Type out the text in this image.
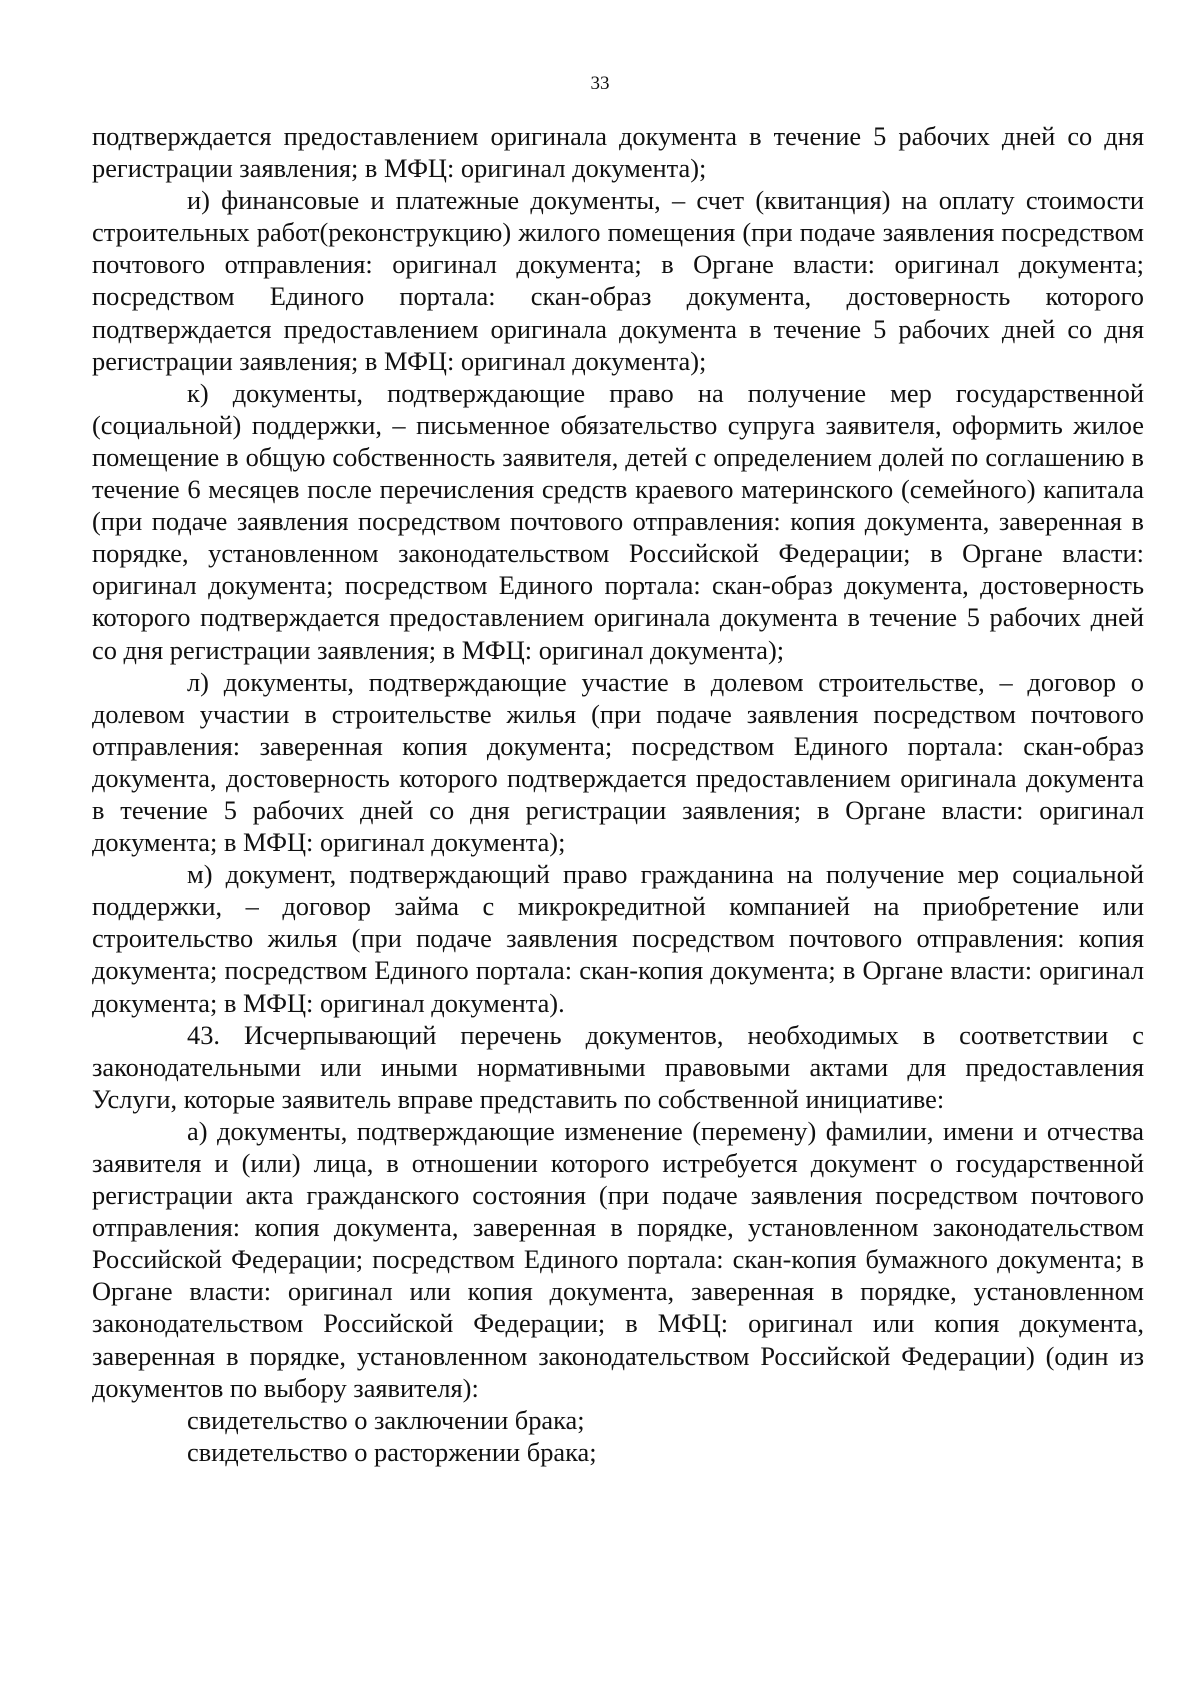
33

подтверждается предоставлением оригинала документа в течение 5 рабочих дней со дня регистрации заявления; в МФЦ: оригинал документа);

и) финансовые и платежные документы, – счет (квитанция) на оплату стоимости строительных работ(реконструкцию) жилого помещения (при подаче заявления посредством почтового отправления: оригинал документа; в Органе власти: оригинал документа; посредством Единого портала: скан-образ документа, достоверность которого подтверждается предоставлением оригинала документа в течение 5 рабочих дней со дня регистрации заявления; в МФЦ: оригинал документа);

к) документы, подтверждающие право на получение мер государственной (социальной) поддержки, – письменное обязательство супруга заявителя, оформить жилое помещение в общую собственность заявителя, детей с определением долей по соглашению в течение 6 месяцев после перечисления средств краевого материнского (семейного) капитала (при подаче заявления посредством почтового отправления: копия документа, заверенная в порядке, установленном законодательством Российской Федерации; в Органе власти: оригинал документа; посредством Единого портала: скан-образ документа, достоверность которого подтверждается предоставлением оригинала документа в течение 5 рабочих дней со дня регистрации заявления; в МФЦ: оригинал документа);

л) документы, подтверждающие участие в долевом строительстве, – договор о долевом участии в строительстве жилья (при подаче заявления посредством почтового отправления: заверенная копия документа; посредством Единого портала: скан-образ документа, достоверность которого подтверждается предоставлением оригинала документа в течение 5 рабочих дней со дня регистрации заявления; в Органе власти: оригинал документа; в МФЦ: оригинал документа);

м) документ, подтверждающий право гражданина на получение мер социальной поддержки, – договор займа с микрокредитной компанией на приобретение или строительство жилья (при подаче заявления посредством почтового отправления: копия документа; посредством Единого портала: скан-копия документа; в Органе власти: оригинал документа; в МФЦ: оригинал документа).

43. Исчерпывающий перечень документов, необходимых в соответствии с законодательными или иными нормативными правовыми актами для предоставления Услуги, которые заявитель вправе представить по собственной инициативе:

а) документы, подтверждающие изменение (перемену) фамилии, имени и отчества заявителя и (или) лица, в отношении которого истребуется документ о государственной регистрации акта гражданского состояния (при подаче заявления посредством почтового отправления: копия документа, заверенная в порядке, установленном законодательством Российской Федерации; посредством Единого портала: скан-копия бумажного документа; в Органе власти: оригинал или копия документа, заверенная в порядке, установленном законодательством Российской Федерации; в МФЦ: оригинал или копия документа, заверенная в порядке, установленном законодательством Российской Федерации) (один из документов по выбору заявителя):

свидетельство о заключении брака;

свидетельство о расторжении брака;
